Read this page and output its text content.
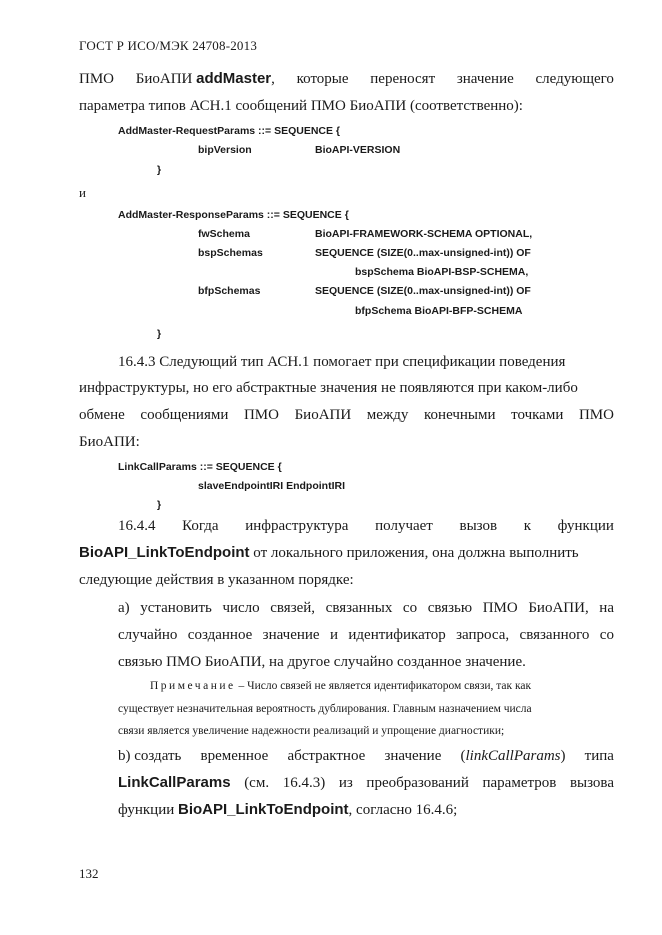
ГОСТ Р ИСО/МЭК 24708-2013
ПМО БиоАПИ addMaster, которые переносят значение следующего
параметра типов АСН.1 сообщений ПМО БиоАПИ (соответственно):
AddMaster-RequestParams ::= SEQUENCE {
bipVersion	BioAPI-VERSION
}
и
AddMaster-ResponseParams ::= SEQUENCE {
fwSchema	BioAPI-FRAMEWORK-SCHEMA OPTIONAL,
bspSchemas	SEQUENCE (SIZE(0..max-unsigned-int)) OF
bspSchema BioAPI-BSP-SCHEMA,
bfpSchemas	SEQUENCE (SIZE(0..max-unsigned-int)) OF
bfpSchema BioAPI-BFP-SCHEMA
}
16.4.3 Следующий тип АСН.1 помогает при спецификации поведения
инфраструктуры, но его абстрактные значения не появляются при каком-либо
обмене сообщениями ПМО БиоАПИ между конечными точками ПМО
БиоАПИ:
LinkCallParams ::= SEQUENCE {
slaveEndpointIRI EndpointIRI
}
16.4.4 Когда инфраструктура получает вызов к функции
BioAPI_LinkToEndpoint от локального приложения, она должна выполнить
следующие действия в указанном порядке:
а) установить число связей, связанных со связью ПМО БиоАПИ, на
случайно созданное значение и идентификатор запроса, связанного со
связью ПМО БиоАПИ, на другое случайно созданное значение.
Примечание – Число связей не является идентификатором связи, так как
существует незначительная вероятность дублирования. Главным назначением числа
связи является увеличение надежности реализаций и упрощение диагностики;
b) создать временное абстрактное значение (linkCallParams) типа
LinkCallParams (см. 16.4.3) из преобразований параметров вызова
функции BioAPI_LinkToEndpoint, согласно 16.4.6;
132
